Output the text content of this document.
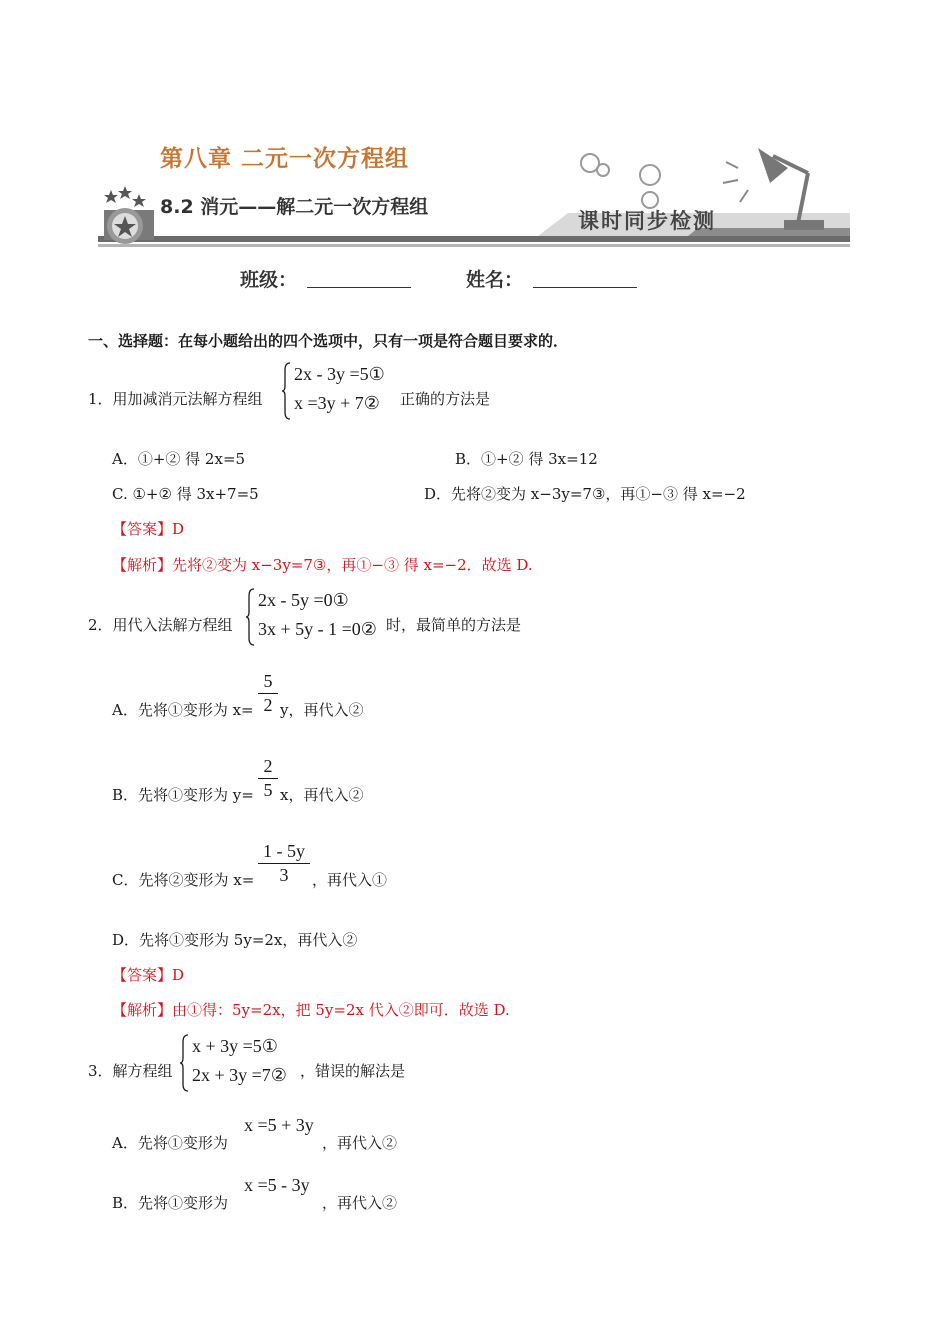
第八章 二元一次方程组
8.2 消元——解二元一次方程组
课时同步检测
班级：	姓名：
一、选择题：在每小题给出的四个选项中，只有一项是符合题目要求的．
1．用加减消元法解方程组
2x - 3y =5①
x =3y + 7② 正确的方法是
A．①+② 得 2x=5	B．①+② 得 3x=12
C. ①+② 得 3x+7=5	D．先将②变为 x−3y=7③，再①−③ 得 x=−2
【答案】D
【解析】先将②变为 x−3y=7③，再①−③ 得 x=−2．故选 D.
2．用代入法解方程组
2x - 5y =0①
3x + 5y - 1 =0② 时，最简单的方法是
A．先将①变形为 x=
5
2 y，再代入②
B．先将①变形为 y=
2
5 x，再代入②
C．先将②变形为 x=
1 - 5y
3	，再代入①
D．先将①变形为 5y=2x，再代入②
【答案】D
【解析】由①得：5y=2x，把 5y=2x 代入②即可．故选 D.
3．解方程组
x + 3y =5①
2x + 3y =7② ，错误的解法是
A．先将①变形为
x =5 + 3y
，再代入②
B．先将①变形为
x =5 - 3y
，再代入②
